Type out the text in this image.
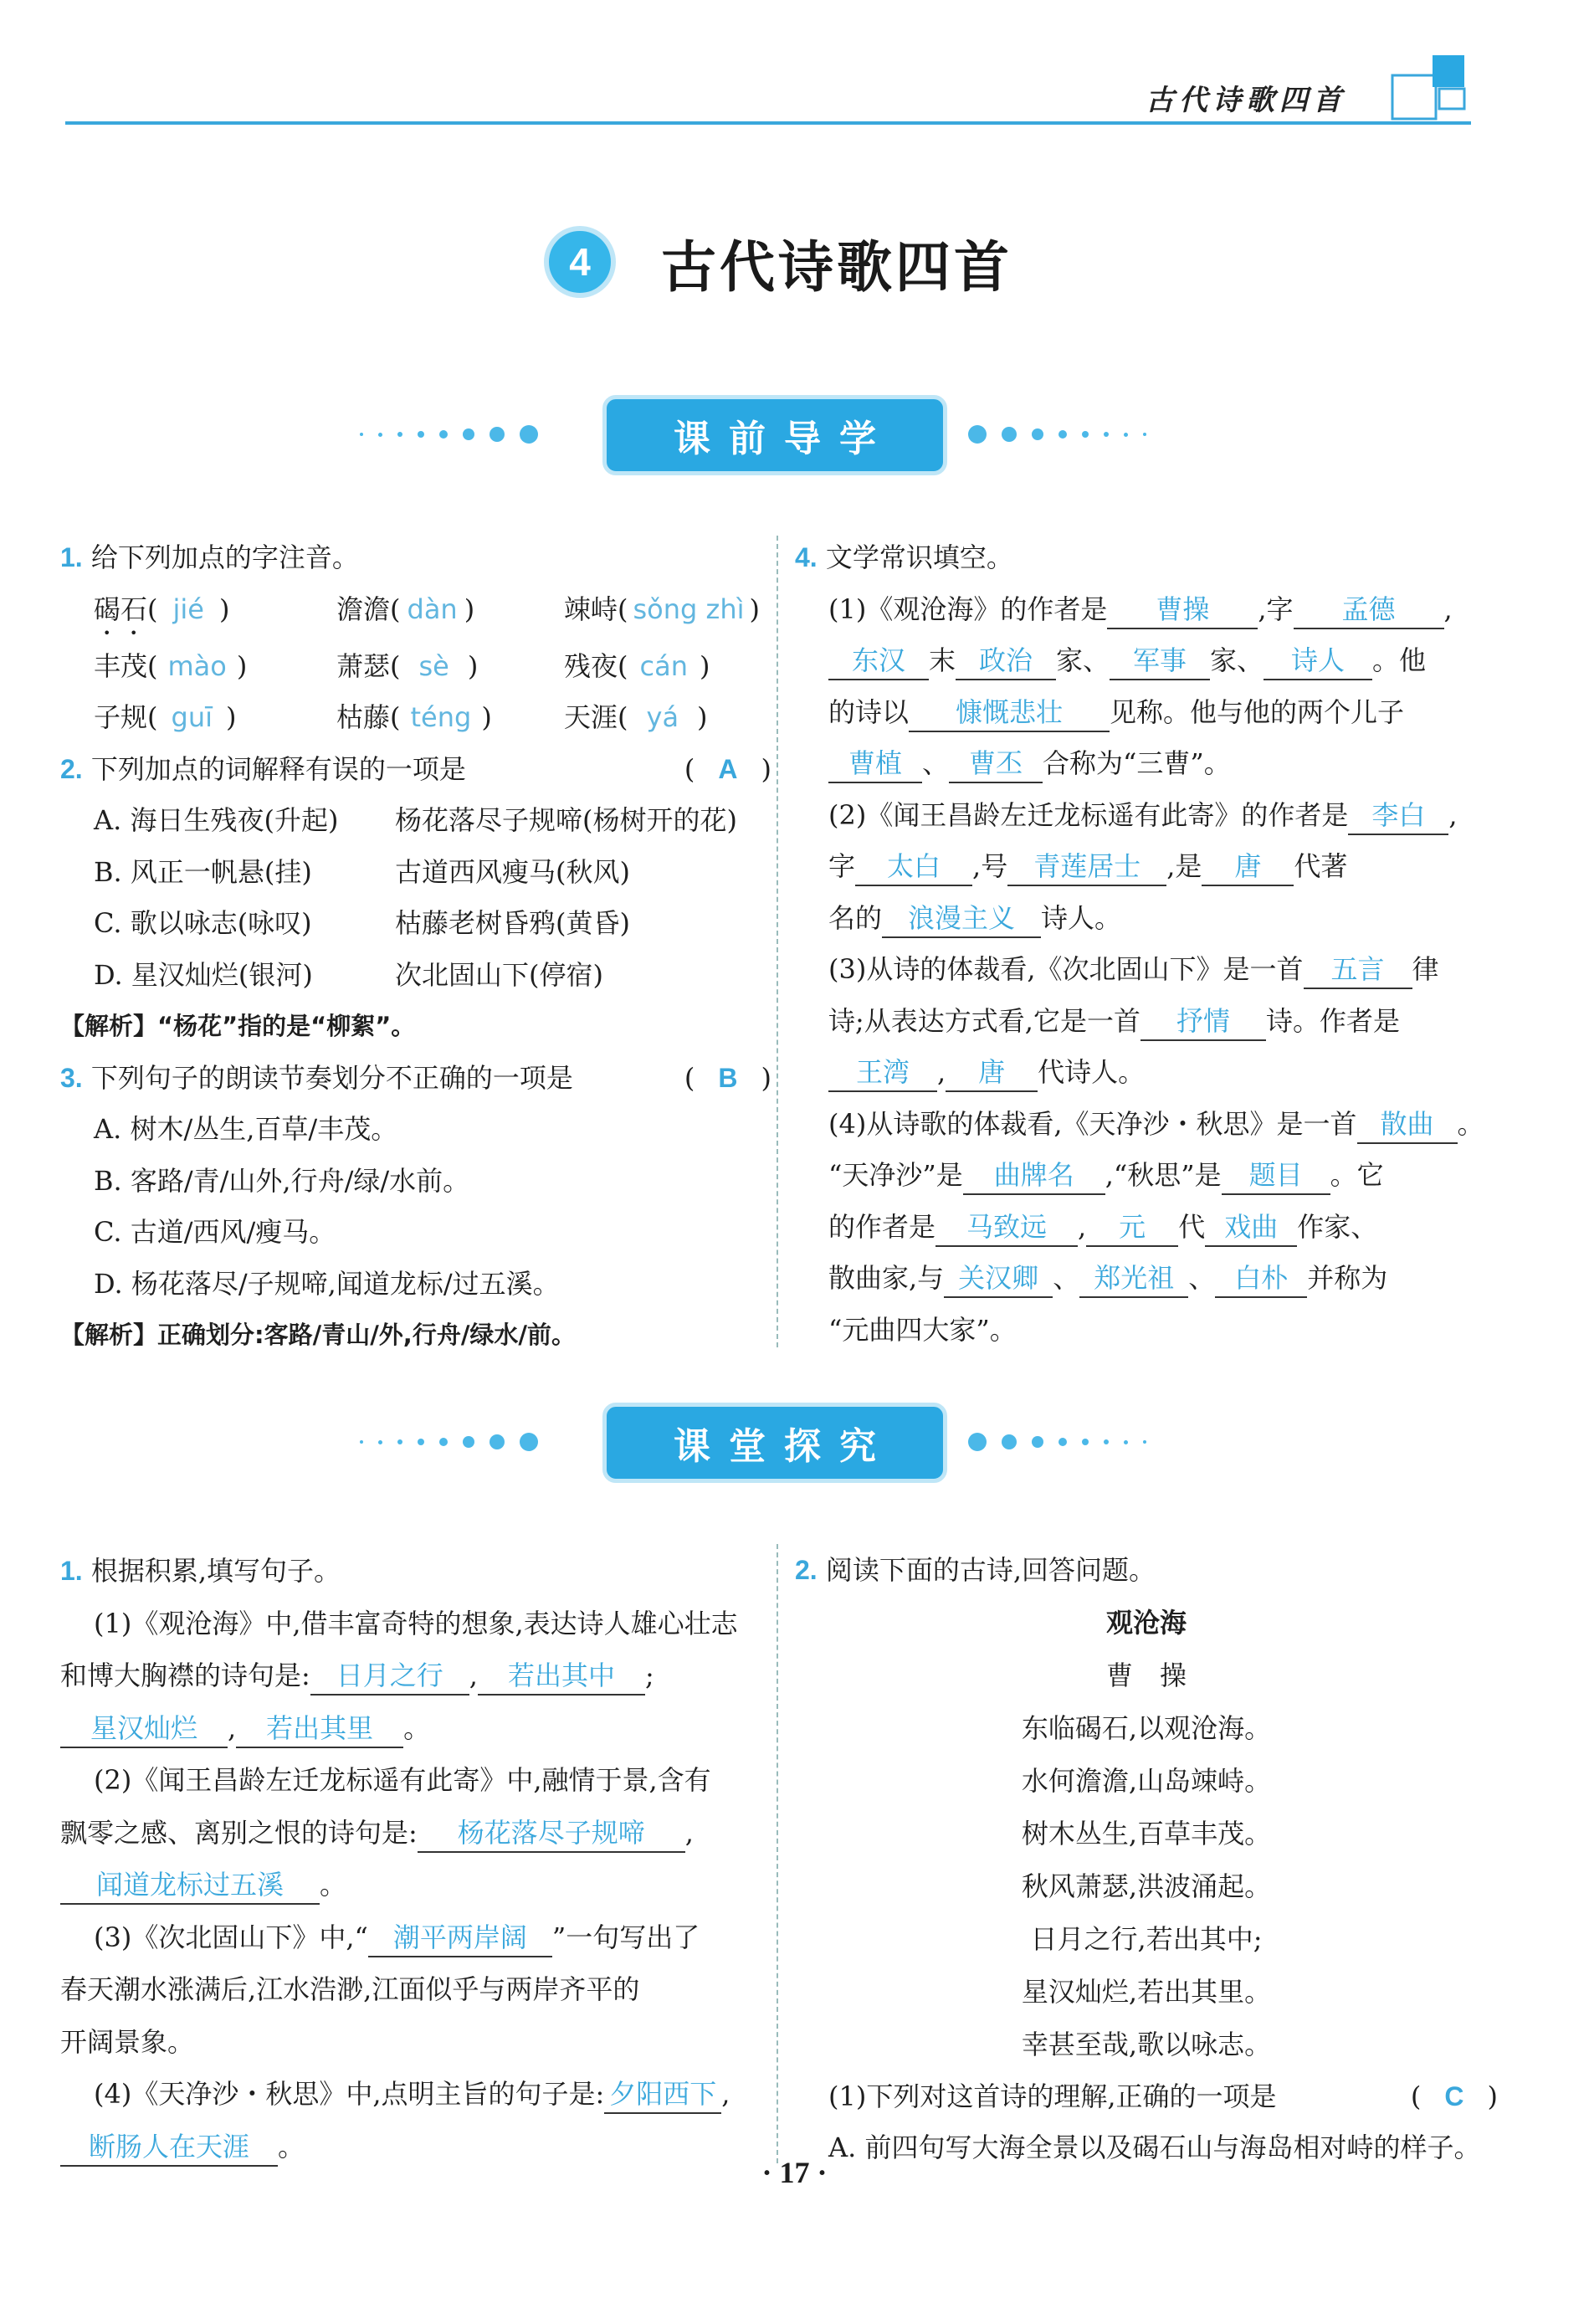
古代诗歌四首
4	古代诗歌四首
课前导学
1. 给下列加点的字注音。
碣石( jié )	澹澹( dàn )	竦峙( sǒng zhì )
丰茂( mào )	萧瑟( sè )	残夜( cán )
子规( guī )	枯藤( téng )	天涯( yá )
2. 下列加点的词解释有误的一项是	( A )
A. 海日生残夜(升起)	杨花落尽子规啼(杨树开的花)
B. 风正一帆悬(挂)	古道西风瘦马(秋风)
C. 歌以咏志(咏叹)	枯藤老树昏鸦(黄昏)
D. 星汉灿烂(银河)	次北固山下(停宿)
【解析】“杨花”指的是“柳絮”。
3. 下列句子的朗读节奏划分不正确的一项是	( B )
A. 树木/丛生,百草/丰茂。
B. 客路/青/山外,行舟/绿/水前。
C. 古道/西风/瘦马。
D. 杨花落尽/子规啼,闻道龙标/过五溪。
【解析】正确划分:客路/青山/外,行舟/绿水/前。
4. 文学常识填空。
(1)《观沧海》的作者是 曹操 ,字 孟德 ,
东汉 末 政治 家、 军事 家、 诗人 。他
的诗以 慷慨悲壮 见称。他与他的两个儿子
曹植 、 曹丕 合称为“三曹”。
(2)《闻王昌龄左迁龙标遥有此寄》的作者是 李白 ,
字 太白 ,号 青莲居士 ,是 唐 代著
名的 浪漫主义 诗人。
(3)从诗的体裁看,《次北固山下》是一首 五言 律
诗;从表达方式看,它是一首 抒情 诗。作者是
王湾 , 唐 代诗人。
(4)从诗歌的体裁看,《天净沙・秋思》是一首 散曲 。
“天净沙”是 曲牌名 ,“秋思”是 题目 。它
的作者是 马致远 , 元 代 戏曲 作家、
散曲家,与 关汉卿 、 郑光祖 、 白朴 并称为
“元曲四大家”。
课堂探究
1. 根据积累,填写句子。
(1)《观沧海》中,借丰富奇特的想象,表达诗人雄心壮志
和博大胸襟的诗句是: 日月之行 , 若出其中 ;
星汉灿烂 , 若出其里 。
(2)《闻王昌龄左迁龙标遥有此寄》中,融情于景,含有
飘零之感、离别之恨的诗句是: 杨花落尽子规啼 ,
闻道龙标过五溪 。
(3)《次北固山下》中,“ 潮平两岸阔 ”一句写出了
春天潮水涨满后,江水浩渺,江面似乎与两岸齐平的
开阔景象。
(4)《天净沙・秋思》中,点明主旨的句子是: 夕阳西下 ,
断肠人在天涯 。
2. 阅读下面的古诗,回答问题。
观沧海
曹　操
东临碣石,以观沧海。
水何澹澹,山岛竦峙。
树木丛生,百草丰茂。
秋风萧瑟,洪波涌起。
日月之行,若出其中;
星汉灿烂,若出其里。
幸甚至哉,歌以咏志。
(1)下列对这首诗的理解,正确的一项是	( C )
A. 前四句写大海全景以及碣石山与海岛相对峙的样子。
· 17 ·
